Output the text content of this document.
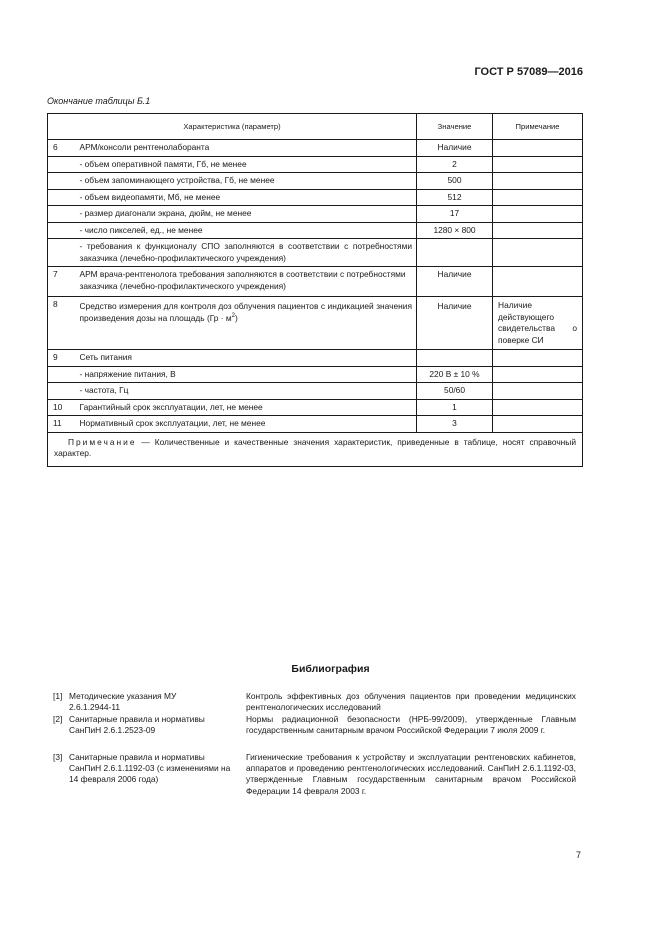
ГОСТ Р 57089—2016
Окончание таблицы Б.1
Характеристика (параметр)		Значение	Примечание
6	АРМ/консоли рентгенолаборанта	Наличие	
	- объем оперативной памяти, Гб, не менее	2	
	- объем запоминающего устройства, Гб, не менее	500	
	- объем видеопамяти, Мб, не менее	512	
	- размер диагонали экрана, дюйм, не менее	17	
	- число пикселей, ед., не менее	1280 × 800	
	- требования к функционалу СПО заполняются в соответствии с потребностями заказчика (лечебно-профилактического учреждения)		
7	АРМ врача-рентгенолога требования заполняются в соответствии с потребностями заказчика (лечебно-профилактического учреждения)	Наличие	
8	Средство измерения для контроля доз облучения пациентов с индикацией значения произведения дозы на площадь $(Гр \cdot м^2)$	Наличие	Наличие действующего свидетельства о поверке СИ
9	Сеть питания		
	- напряжение питания, В	220 В ± 10 %	
	- частота, Гц	50/60	
10	Гарантийный срок эксплуатации, лет, не менее	1	
11	Нормативный срок эксплуатации, лет, не менее	3	
Примечание — Количественные и качественные значения характеристик, приведенные в таблице, носят справочный характер.			
Библиография
[1] Методические указания МУ 2.6.1.2944-11
Контроль эффективных доз облучения пациентов при проведении медицинских рентгенологических исследований
[2] Санитарные правила и нормативы СанПиН 2.6.1.2523-09
Нормы радиационной безопасности (НРБ-99/2009), утвержденные Главным государственным санитарным врачом Российской Федерации 7 июля 2009 г.
[3] Санитарные правила и нормативы СанПиН 2.6.1.1192-03 (с изменениями на 14 февраля 2006 года)
Гигиенические требования к устройству и эксплуатации рентгеновских кабинетов, аппаратов и проведению рентгенологических исследований. СанПиН 2.6.1.1192-03, утвержденные Главным государственным санитарным врачом Российской Федерации 14 февраля 2003 г.
7
